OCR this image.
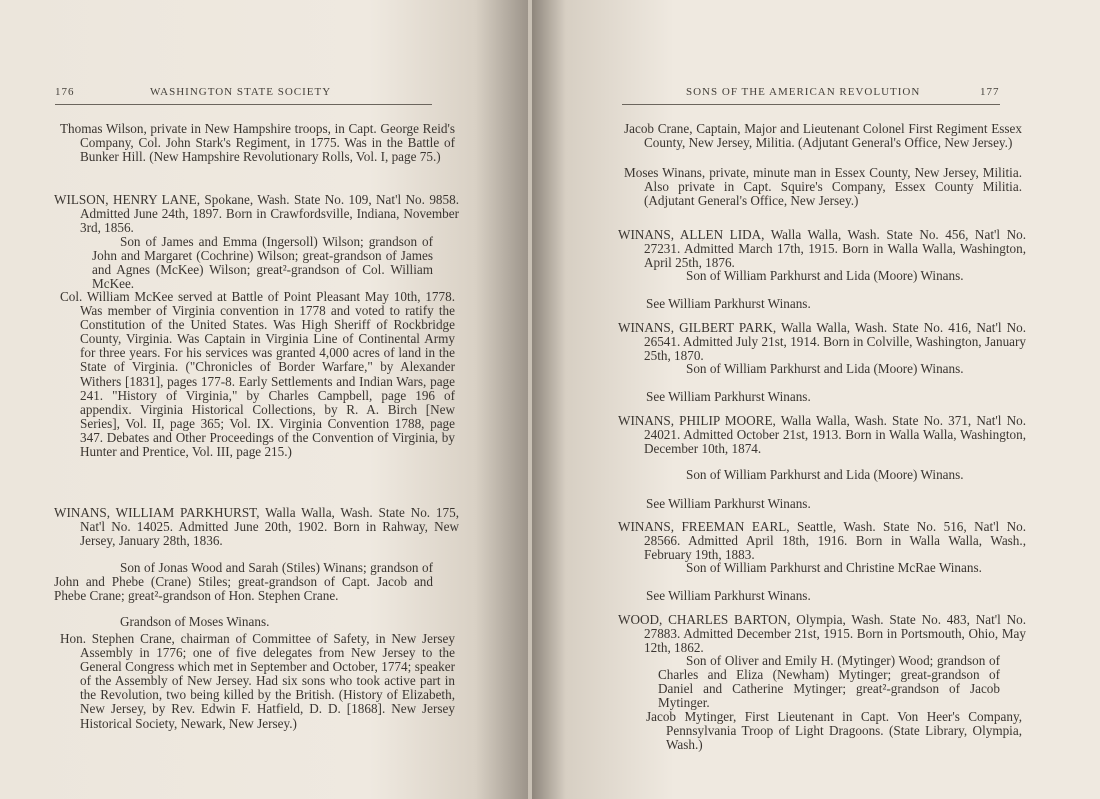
176	WASHINGTON STATE SOCIETY

Thomas Wilson, private in New Hampshire troops, in Capt. George Reid's Company, Col. John Stark's Regiment, in 1775. Was in the Battle of Bunker Hill. (New Hampshire Revolutionary Rolls, Vol. I, page 75.)

WILSON, HENRY LANE, Spokane, Wash. State No. 109, Nat'l No. 9858. Admitted June 24th, 1897. Born in Crawfordsville, Indiana, November 3rd, 1856.

Son of James and Emma (Ingersoll) Wilson; grandson of John and Margaret (Cochrine) Wilson; great-grandson of James and Agnes (McKee) Wilson; great²-grandson of Col. William McKee.

Col. William McKee served at Battle of Point Pleasant May 10th, 1778. Was member of Virginia convention in 1778 and voted to ratify the Constitution of the United States. Was High Sheriff of Rockbridge County, Virginia. Was Captain in Virginia Line of Continental Army for three years. For his services was granted 4,000 acres of land in the State of Virginia. ("Chronicles of Border Warfare," by Alexander Withers [1831], pages 177-8. Early Settlements and Indian Wars, page 241. "History of Virginia," by Charles Campbell, page 196 of appendix. Virginia Historical Collections, by R. A. Birch [New Series], Vol. II, page 365; Vol. IX. Virginia Convention 1788, page 347. Debates and Other Proceedings of the Convention of Virginia, by Hunter and Prentice, Vol. III, page 215.)

WINANS, WILLIAM PARKHURST, Walla Walla, Wash. State No. 175, Nat'l No. 14025. Admitted June 20th, 1902. Born in Rahway, New Jersey, January 28th, 1836.

Son of Jonas Wood and Sarah (Stiles) Winans; grandson of John and Phebe (Crane) Stiles; great-grandson of Capt. Jacob and Phebe Crane; great²-grandson of Hon. Stephen Crane.

Grandson of Moses Winans.

Hon. Stephen Crane, chairman of Committee of Safety, in New Jersey Assembly in 1776; one of five delegates from New Jersey to the General Congress which met in September and October, 1774; speaker of the Assembly of New Jersey. Had six sons who took active part in the Revolution, two being killed by the British. (History of Elizabeth, New Jersey, by Rev. Edwin F. Hatfield, D. D. [1868]. New Jersey Historical Society, Newark, New Jersey.)

SONS OF THE AMERICAN REVOLUTION	177

Jacob Crane, Captain, Major and Lieutenant Colonel First Regiment Essex County, New Jersey, Militia. (Adjutant General's Office, New Jersey.)

Moses Winans, private, minute man in Essex County, New Jersey, Militia. Also private in Capt. Squire's Company, Essex County Militia. (Adjutant General's Office, New Jersey.)

WINANS, ALLEN LIDA, Walla Walla, Wash. State No. 456, Nat'l No. 27231. Admitted March 17th, 1915. Born in Walla Walla, Washington, April 25th, 1876.

Son of William Parkhurst and Lida (Moore) Winans.

See William Parkhurst Winans.

WINANS, GILBERT PARK, Walla Walla, Wash. State No. 416, Nat'l No. 26541. Admitted July 21st, 1914. Born in Colville, Washington, January 25th, 1870.

Son of William Parkhurst and Lida (Moore) Winans.

See William Parkhurst Winans.

WINANS, PHILIP MOORE, Walla Walla, Wash. State No. 371, Nat'l No. 24021. Admitted October 21st, 1913. Born in Walla Walla, Washington, December 10th, 1874.

Son of William Parkhurst and Lida (Moore) Winans.

See William Parkhurst Winans.

WINANS, FREEMAN EARL, Seattle, Wash. State No. 516, Nat'l No. 28566. Admitted April 18th, 1916. Born in Walla Walla, Wash., February 19th, 1883.

Son of William Parkhurst and Christine McRae Winans.

See William Parkhurst Winans.

WOOD, CHARLES BARTON, Olympia, Wash. State No. 483, Nat'l No. 27883. Admitted December 21st, 1915. Born in Portsmouth, Ohio, May 12th, 1862.

Son of Oliver and Emily H. (Mytinger) Wood; grandson of Charles and Eliza (Newham) Mytinger; great-grandson of Daniel and Catherine Mytinger; great²-grandson of Jacob Mytinger.

Jacob Mytinger, First Lieutenant in Capt. Von Heer's Company, Pennsylvania Troop of Light Dragoons. (State Library, Olympia, Wash.)
